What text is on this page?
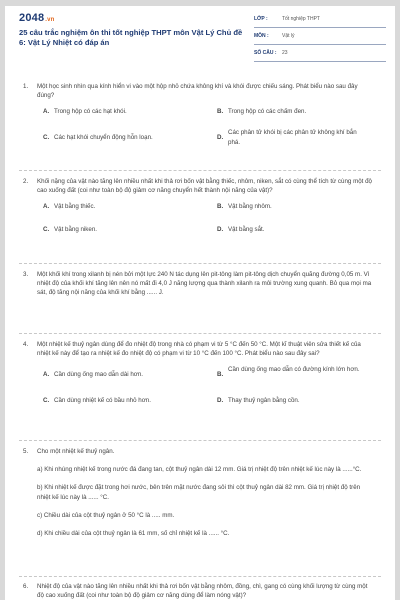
2048.vn
25 câu trắc nghiệm ôn thi tốt nghiệp THPT môn Vật Lý Chủ đề 6: Vật Lý Nhiệt có đáp án
LỚP :	Tốt nghiệp THPT
MÔN :	Vật lý
SỐ CÂU :	23
1.	Một học sinh nhìn qua kính hiển vi vào một hộp nhỏ chứa không khí và khói được chiếu sáng. Phát biểu nào sau đây đúng?
A. Trong hộp có các hạt khói.	B. Trong hộp có các chấm đen.
C. Các hạt khói chuyển động hỗn loạn.	D.
Các phân tử khói bị các phân tử không khí bắn phá.
2.	Khối nặng của vật nào tăng lên nhiều nhất khi thả rơi bốn vật bằng thiếc, nhôm, niken, sắt có cùng thể tích từ cùng một độ cao xuống đất (coi như toàn bộ độ giảm cơ năng chuyển hết thành nội năng của vật)?
A. Vật bằng thiếc.	B. Vật bằng nhôm.
C. Vật bằng niken.	D. Vật bằng sắt.
3.	Một khối khí trong xilanh bị nén bởi một lực 240 N tác dụng lên pit-tông làm pit-tông dịch chuyển quãng đường 0,05 m. Vì nhiệt độ của khối khí tăng lên nên nó mất đi 4,0 J năng lượng qua thành xilanh ra môi trường xung quanh. Bỏ qua mọi ma sát, độ tăng nội năng của khối khí bằng ...... J.
4.	Một nhiệt kế thuỷ ngân dùng để đo nhiệt độ trong nhà có phạm vi từ 5 °C đến 50 °C. Một kĩ thuật viên sửa thiết kế của nhiệt kế này để tạo ra nhiệt kế đo nhiệt độ có phạm vi từ 10 °C đến 100 °C. Phát biểu nào sau đây sai?
A. Cần dùng ống mao dẫn dài hơn.	B.
Cần dùng ống mao dẫn có đường kính lớn hơn.
C. Cần dùng nhiệt kế có bầu nhỏ hơn.	D. Thay thuỷ ngân bằng cồn.
5.	Cho một nhiệt kế thuỷ ngân.
a) Khi nhúng nhiệt kế trong nước đá đang tan, cột thuỷ ngân dài 12 mm. Giá trị nhiệt độ trên nhiệt kế lúc này là ......°C.
b) Khi nhiệt kế được đặt trong hơi nước, bên trên mặt nước đang sôi thì cột thuỷ ngân dài 82 mm. Giá trị nhiệt độ trên nhiệt kế lúc này là ...... °C.
c) Chiều dài của cột thuỷ ngân ở 50 °C là ..... mm.
d) Khi chiều dài của cột thuỷ ngân là 61 mm, số chỉ nhiệt kế là ...... °C.
6.	Nhiệt độ của vật nào tăng lên nhiều nhất khi thả rơi bốn vật bằng nhôm, đồng, chì, gang có cùng khối lượng từ cùng một độ cao xuống đất (coi như toàn bộ độ giảm cơ năng dùng để làm nóng vật)?
